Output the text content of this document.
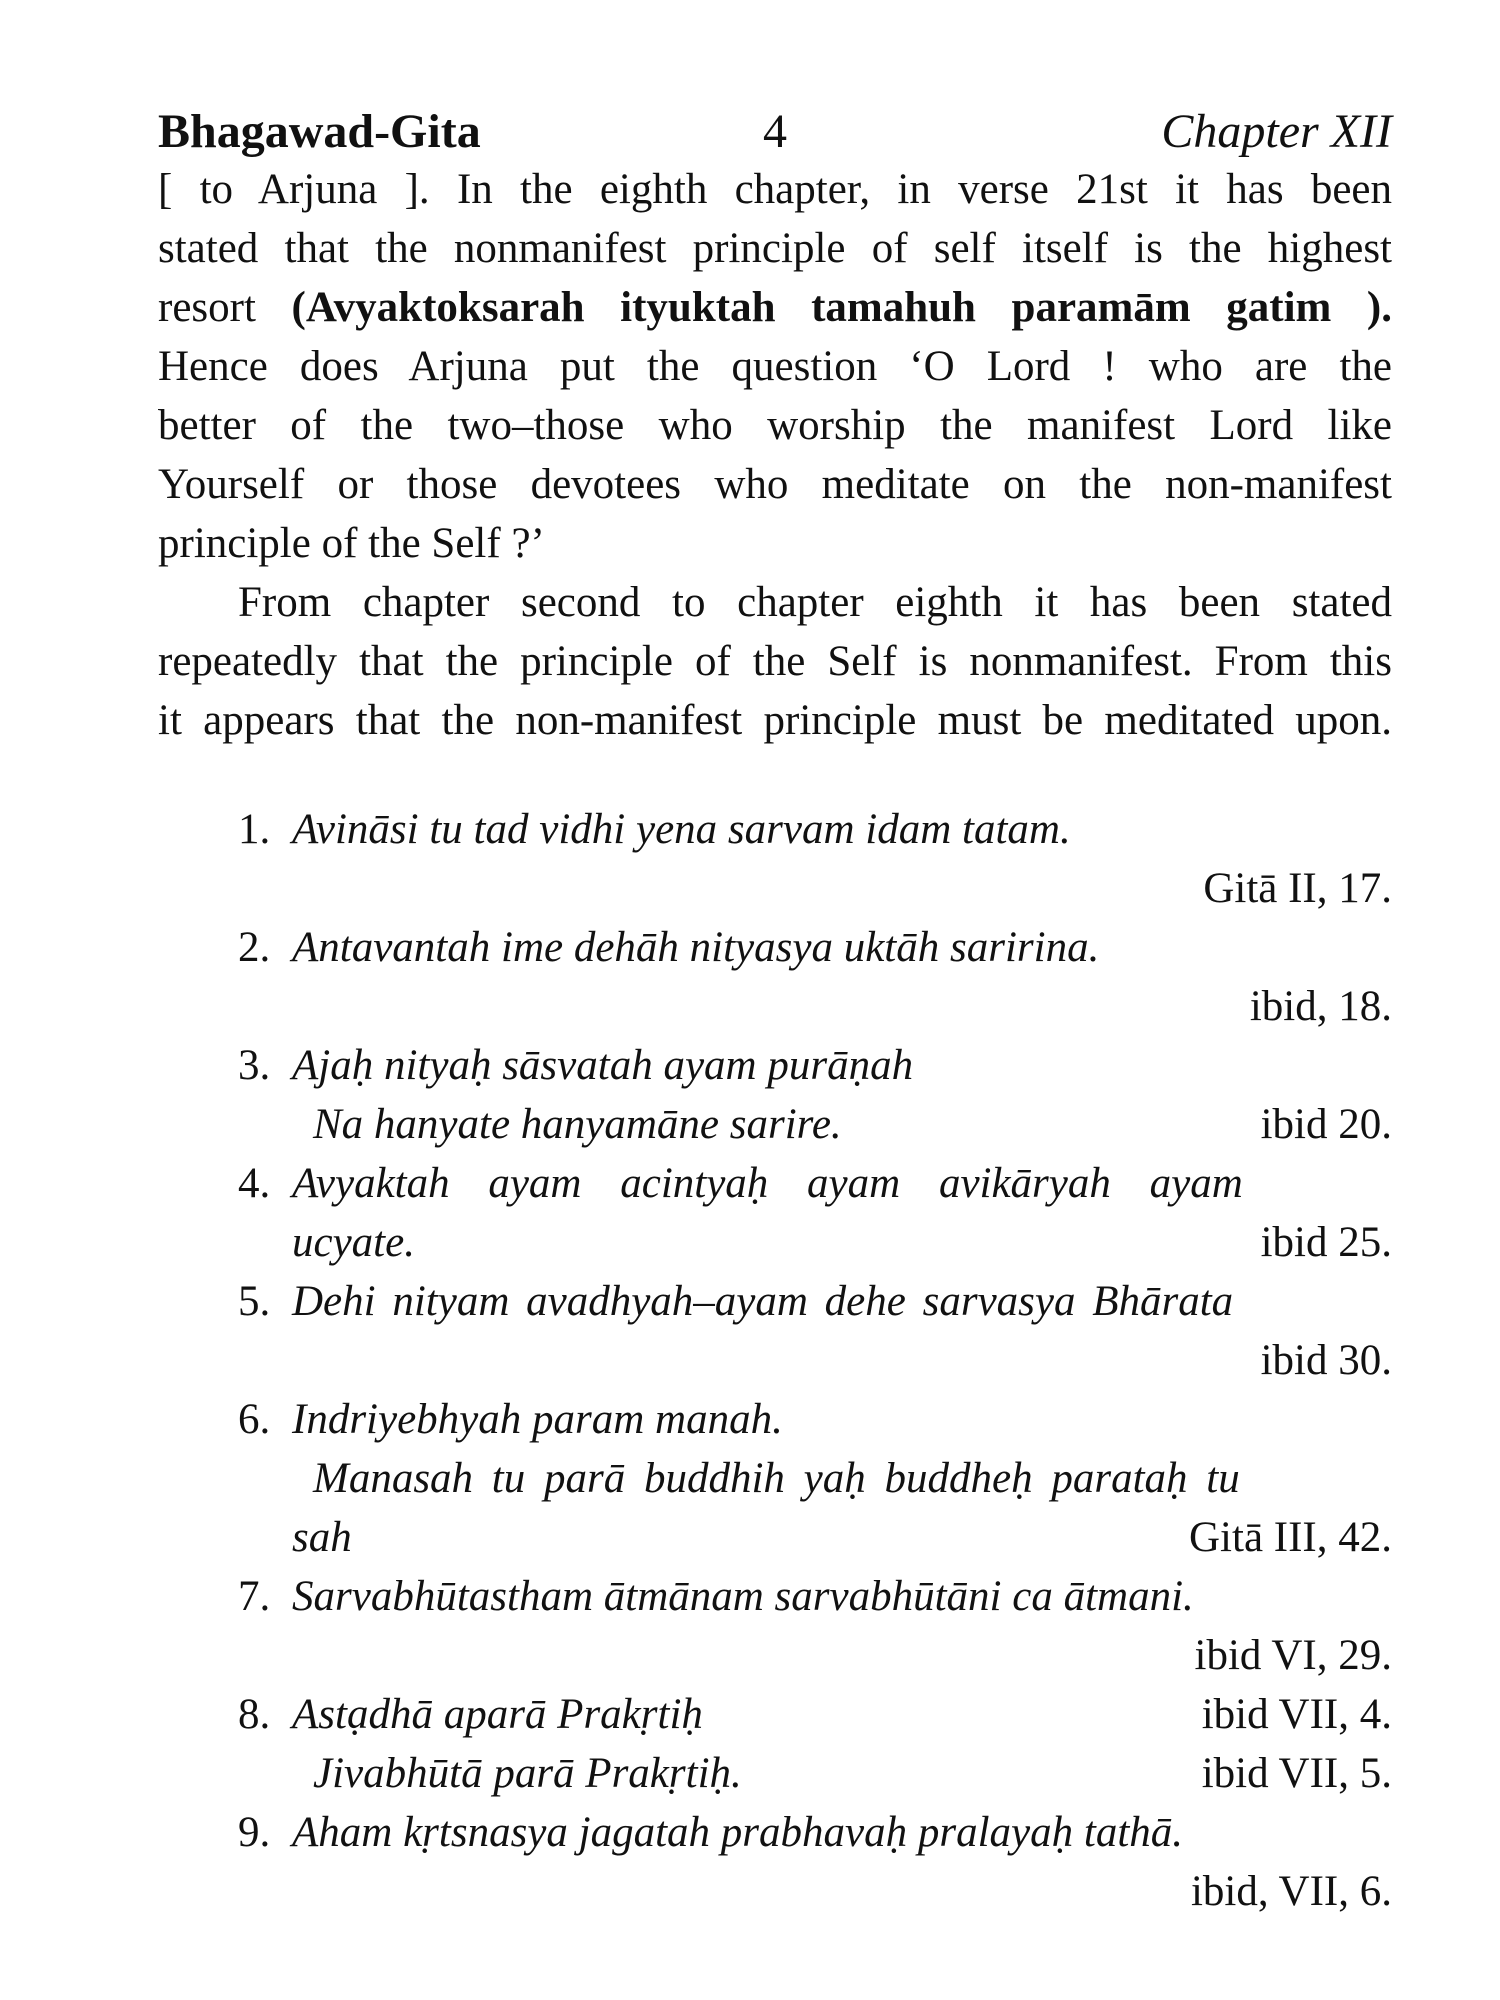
Bhagawad-Gita	4	Chapter XII
[ to Arjuna ]. In the eighth chapter, in verse 21st it has been
stated that the nonmanifest principle of self itself is the highest
resort (Avyaktoksarah ityuktah tamahuh paramām gatim ).
Hence does Arjuna put the question ‘O Lord ! who are the
better of the two–those who worship the manifest Lord like
Yourself or those devotees who meditate on the non-manifest
principle of the Self ?’
From chapter second to chapter eighth it has been stated
repeatedly that the principle of the Self is nonmanifest. From this
it appears that the non-manifest principle must be meditated upon.
1. Avināsi tu tad vidhi yena sarvam idam tatam.
Gitā II, 17.
2. Antavantah ime dehāh nityasya uktāh saririna.
ibid, 18.
3. Ajaḥ nityaḥ sāsvatah ayam purāṇah
Na hanyate hanyamāne sarire.	ibid 20.
4. Avyaktah ayam acintyaḥ ayam avikāryah ayam
ucyate.	ibid 25.
5. Dehi nityam avadhyah–ayam dehe sarvasya Bhārata
ibid 30.
6. Indriyebhyah param manah.
Manasah tu parā buddhih yaḥ buddheḥ parataḥ tu
sah	Gitā III, 42.
7. Sarvabhūtastham ātmānam sarvabhūtāni ca ātmani.
ibid VI, 29.
8. Astạdhā aparā Prakṛtiḥ	ibid VII, 4.
Jivabhūtā parā Prakṛtiḥ.	ibid VII, 5.
9. Aham kṛtsnasya jagatah prabhavaḥ pralayaḥ tathā.
ibid, VII, 6.
